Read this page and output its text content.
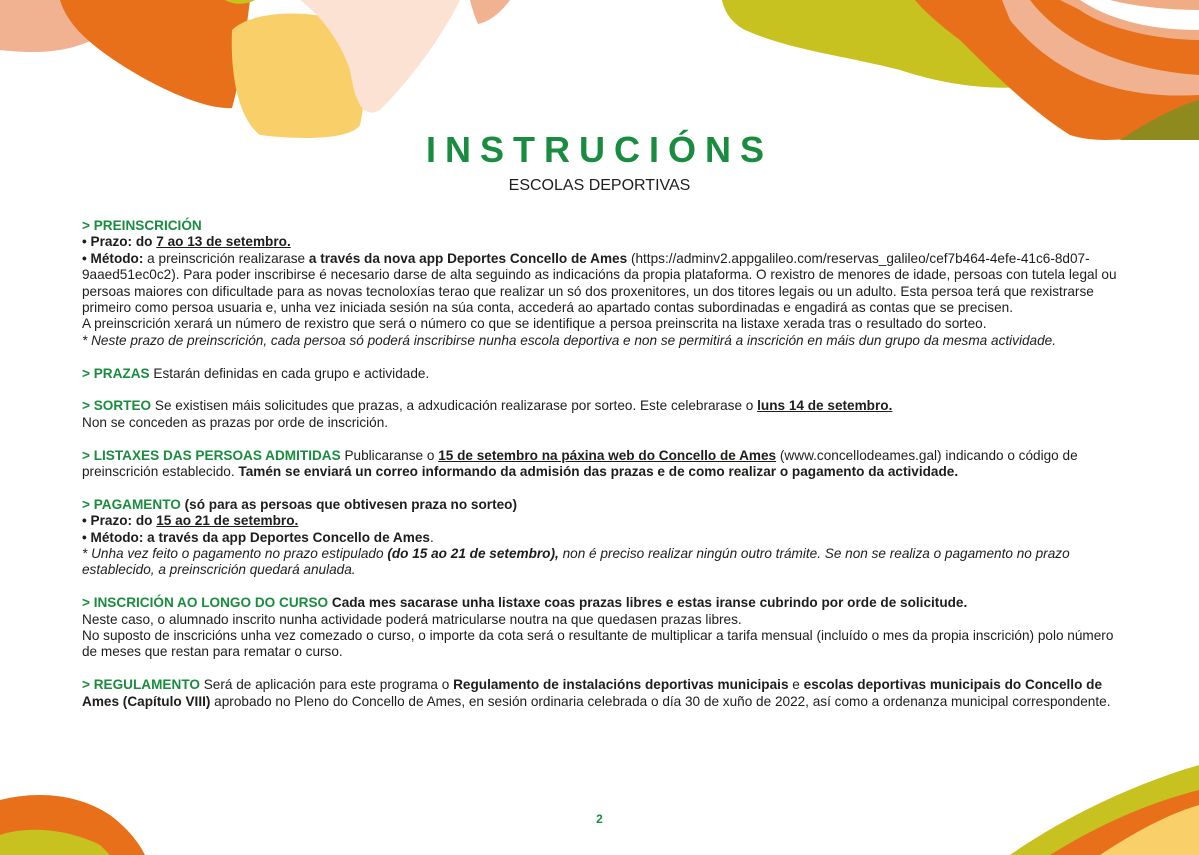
INSTRUCIÓNS
ESCOLAS DEPORTIVAS

> PREINSCRICIÓN

• Prazo: do 7 ao 13 de setembro.

• Método: a preinscrición realizarase a través da nova app Deportes Concello de Ames (https://adminv2.appgalileo.com/reservas_galileo/cef7b464-4efe-41c6-8d07-9aaed51ec0c2). Para poder inscribirse é necesario darse de alta seguindo as indicacións da propia plataforma. O rexistro de menores de idade, persoas con tutela legal ou persoas maiores con dificultade para as novas tecnoloxías terao que realizar un só dos proxenitores, un dos titores legais ou un adulto. Esta persoa terá que rexistrarse primeiro como persoa usuaria e, unha vez iniciada sesión na súa conta, accederá ao apartado contas subordinadas e engadirá as contas que se precisen.

A preinscrición xerará un número de rexistro que será o número co que se identifique a persoa preinscrita na listaxe xerada tras o resultado do sorteo.

* Neste prazo de preinscrición, cada persoa só poderá inscribirse nunha escola deportiva e non se permitirá a inscrición en máis dun grupo da mesma actividade.

> PRAZAS Estarán definidas en cada grupo e actividade.

> SORTEO Se existisen máis solicitudes que prazas, a adxudicación realizarase por sorteo. Este celebrarase o luns 14 de setembro.

Non se conceden as prazas por orde de inscrición.

> LISTAXES DAS PERSOAS ADMITIDAS Publicaranse o 15 de setembro na páxina web do Concello de Ames (www.concellodeames.gal) indicando o código de preinscrición establecido. Tamén se enviará un correo informando da admisión das prazas e de como realizar o pagamento da actividade.

> PAGAMENTO (só para as persoas que obtivesen praza no sorteo)

• Prazo: do 15 ao 21 de setembro.

• Método: a través da app Deportes Concello de Ames.

* Unha vez feito o pagamento no prazo estipulado (do 15 ao 21 de setembro), non é preciso realizar ningún outro trámite. Se non se realiza o pagamento no prazo establecido, a preinscrición quedará anulada.

> INSCRICIÓN AO LONGO DO CURSO Cada mes sacarase unha listaxe coas prazas libres e estas iranse cubrindo por orde de solicitude.

Neste caso, o alumnado inscrito nunha actividade poderá matricularse noutra na que quedasen prazas libres.

No suposto de inscricións unha vez comezado o curso, o importe da cota será o resultante de multiplicar a tarifa mensual (incluído o mes da propia inscrición) polo número de meses que restan para rematar o curso.

> REGULAMENTO Será de aplicación para este programa o Regulamento de instalacións deportivas municipais e escolas deportivas municipais do Concello de Ames (Capítulo VIII) aprobado no Pleno do Concello de Ames, en sesión ordinaria celebrada o día 30 de xuño de 2022, así como a ordenanza municipal correspondente.

2
